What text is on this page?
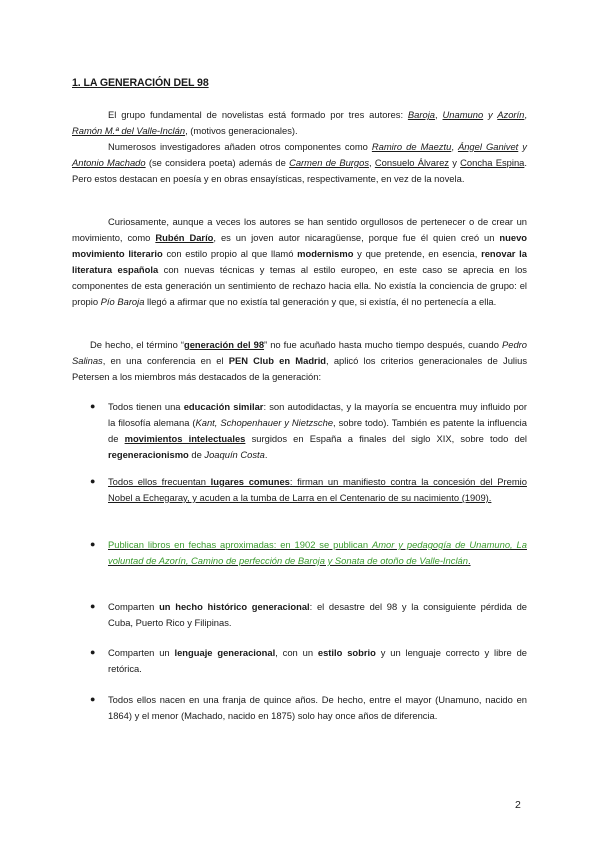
1. LA GENERACIÓN DEL 98

El grupo fundamental de novelistas está formado por tres autores: Baroja, Unamuno y Azorín, Ramón M.ª del Valle-Inclán, (motivos generacionales).

Numerosos investigadores añaden otros componentes como Ramiro de Maeztu, Ángel Ganivet y Antonio Machado (se considera poeta) además de Carmen de Burgos, Consuelo Álvarez y Concha Espina. Pero estos destacan en poesía y en obras ensayísticas, respectivamente, en vez de la novela.

Curiosamente, aunque a veces los autores se han sentido orgullosos de pertenecer o de crear un movimiento, como Rubén Darío, es un joven autor nicaragüense, porque fue él quien creó un nuevo movimiento literario con estilo propio al que llamó modernismo y que pretende, en esencia, renovar la literatura española con nuevas técnicas y temas al estilo europeo, en este caso se aprecia en los componentes de esta generación un sentimiento de rechazo hacia ella. No existía la conciencia de grupo: el propio Pío Baroja llegó a afirmar que no existía tal generación y que, si existía, él no pertenecía a ella.

De hecho, el término “generación del 98” no fue acuñado hasta mucho tiempo después, cuando Pedro Salinas, en una conferencia en el PEN Club en Madrid, aplicó los criterios generacionales de Julius Petersen a los miembros más destacados de la generación:

● Todos tienen una educación similar: son autodidactas, y la mayoría se encuentra muy influido por la filosofía alemana (Kant, Schopenhauer y Nietzsche, sobre todo). También es patente la influencia de movimientos intelectuales surgidos en España a finales del siglo XIX, sobre todo del regeneracionismo de Joaquín Costa.
● Todos ellos frecuentan lugares comunes: firman un manifiesto contra la concesión del Premio Nobel a Echegaray, y acuden a la tumba de Larra en el Centenario de su nacimiento (1909).
● Publican libros en fechas aproximadas: en 1902 se publican Amor y pedagogía de Unamuno, La voluntad de Azorín, Camino de perfección de Baroja y Sonata de otoño de Valle-Inclán.
● Comparten un hecho histórico generacional: el desastre del 98 y la consiguiente pérdida de Cuba, Puerto Rico y Filipinas.
● Comparten un lenguaje generacional, con un estilo sobrio y un lenguaje correcto y libre de retórica.
● Todos ellos nacen en una franja de quince años. De hecho, entre el mayor (Unamuno, nacido en 1864) y el menor (Machado, nacido en 1875) solo hay once años de diferencia.
2
